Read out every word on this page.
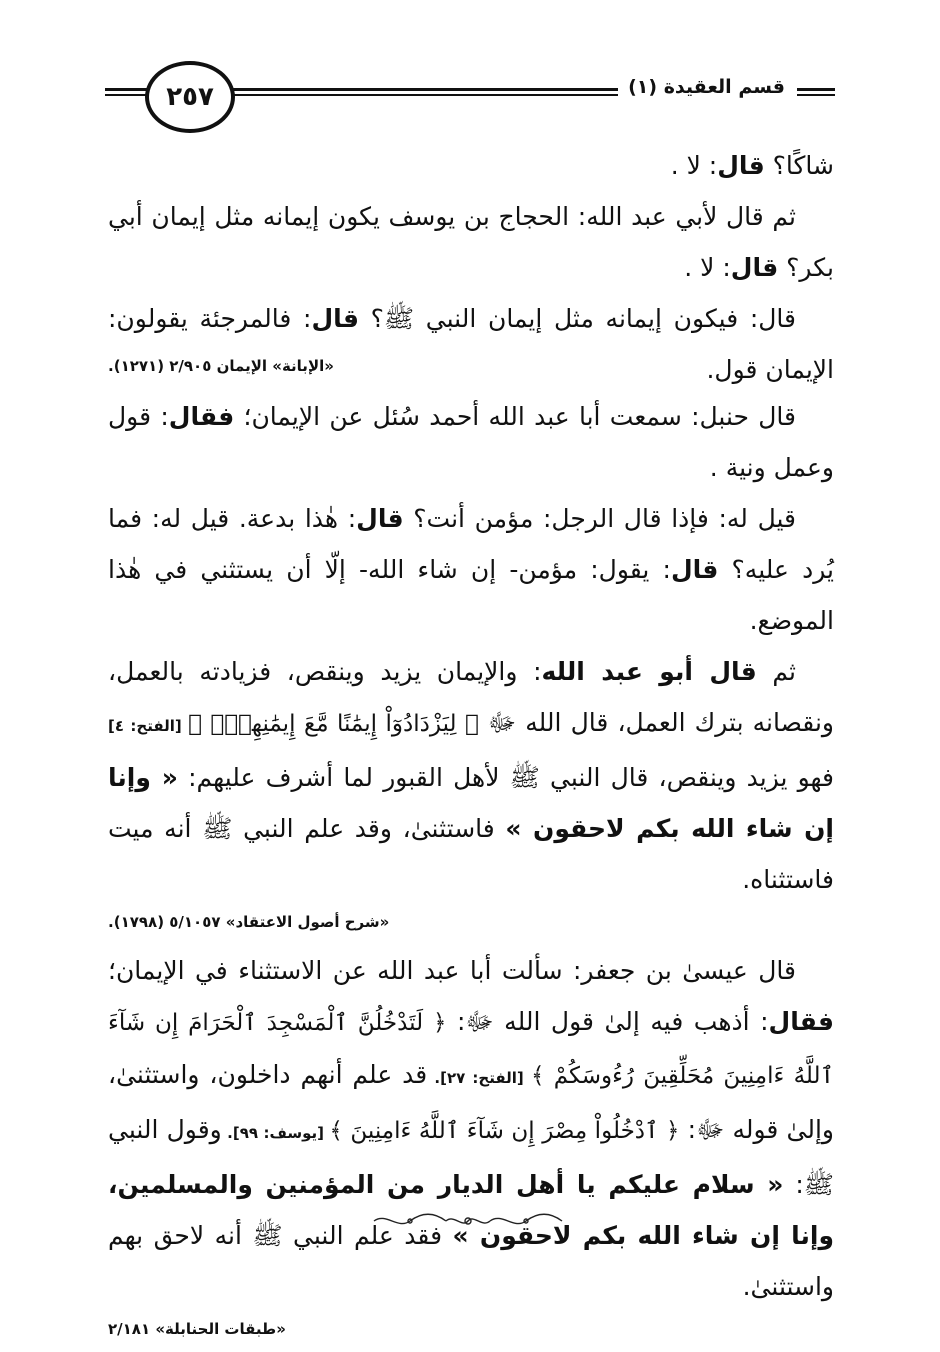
قسم العقيدة (١)
٢٥٧

شاكًا؟ قال: لا .

ثم قال لأبي عبد الله: الحجاج بن يوسف يكون إيمانه مثل إيمان أبي بكر؟ قال: لا .

قال: فيكون إيمانه مثل إيمان النبي ﷺ؟ قال: فالمرجئة يقولون: الإيمان قول.

«الإبانة» الإيمان ٢/٩٠٥ (١٢٧١).

قال حنبل: سمعت أبا عبد الله أحمد سُئل عن الإيمان؛ فقال: قول وعمل ونية .

قيل له: فإذا قال الرجل: مؤمن أنت؟ قال: هٰذا بدعة. قيل له: فما يُرد عليه؟ قال: يقول: مؤمن- إن شاء الله- إلّا أن يستثني في هٰذا الموضع.

ثم قال أبو عبد الله: والإيمان يزيد وينقص، فزيادته بالعمل، ونقصانه بترك العمل، قال الله ﷻ ﴿ لِيَزْدَادُوٓاْ إِيمَٰنًا مَّعَ إِيمَٰنِهِمْۗ ﴾ [الفتح: ٤] فهو يزيد وينقص، قال النبي ﷺ لأهل القبور لما أشرف عليهم: « وإنا إن شاء الله بكم لاحقون » فاستثنىٰ، وقد علم النبي ﷺ أنه ميت فاستثناه.

«شرح أصول الاعتقاد» ٥/١٠٥٧ (١٧٩٨).

قال عيسىٰ بن جعفر: سألت أبا عبد الله عن الاستثناء في الإيمان؛ فقال: أذهب فيه إلىٰ قول الله ﷻ: ﴿ لَتَدْخُلُنَّ ٱلْمَسْجِدَ ٱلْحَرَامَ إِن شَآءَ ٱللَّهُ ءَامِنِينَ مُحَلِّقِينَ رُءُوسَكُمْ ﴾ [الفتح: ٢٧]. قد علم أنهم داخلون، واستثنىٰ، وإلىٰ قوله ﷻ: ﴿ ٱدْخُلُواْ مِصْرَ إِن شَآءَ ٱللَّهُ ءَامِنِينَ ﴾ [يوسف: ٩٩]. وقول النبي ﷺ: « سلام عليكم يا أهل الديار من المؤمنين والمسلمين، وإنا إن شاء الله بكم لاحقون » فقد علم النبي ﷺ أنه لاحق بهم واستثنىٰ.

«طبقات الحنابلة» ٢/١٨١
